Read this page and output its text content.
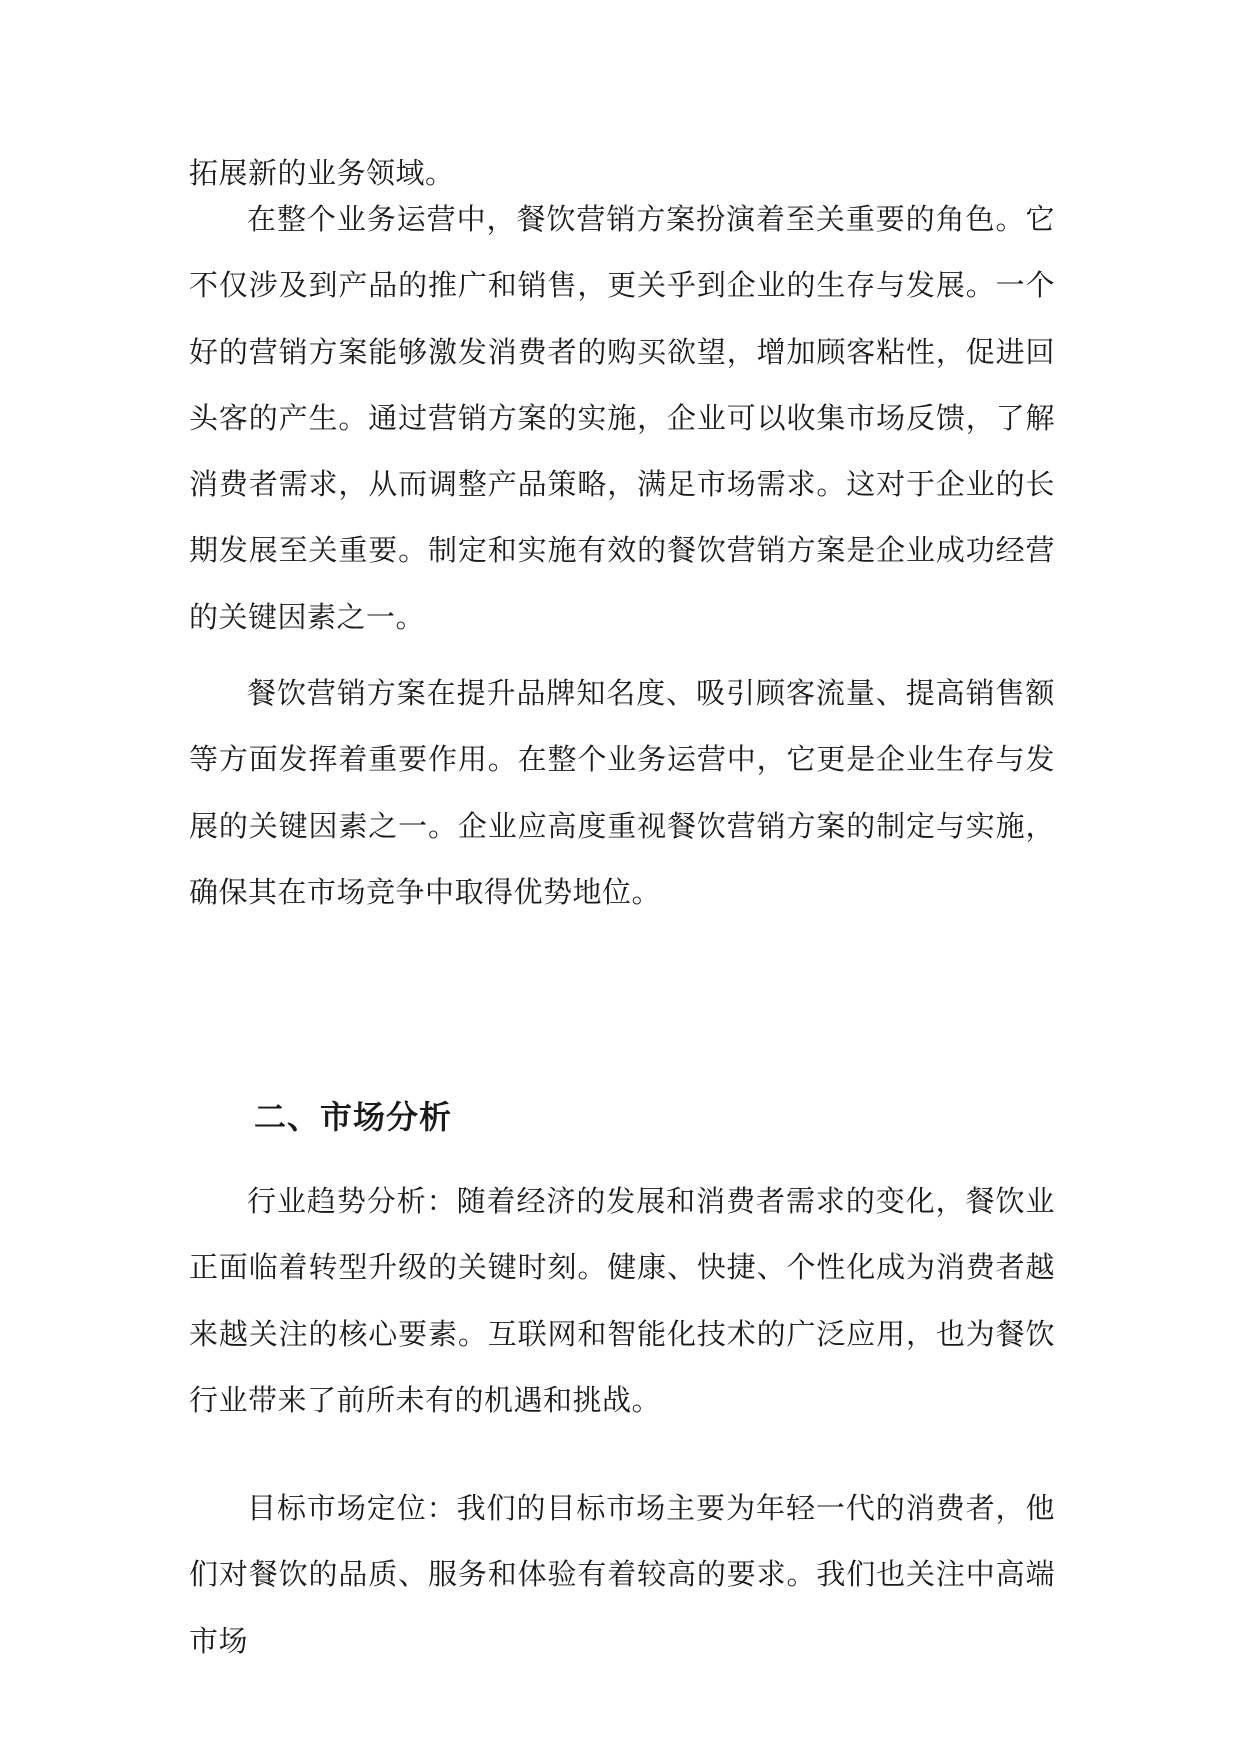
拓展新的业务领域。

在整个业务运营中，餐饮营销方案扮演着至关重要的角色。它不仅涉及到产品的推广和销售，更关乎到企业的生存与发展。一个好的营销方案能够激发消费者的购买欲望，增加顾客粘性，促进回头客的产生。通过营销方案的实施，企业可以收集市场反馈，了解消费者需求，从而调整产品策略，满足市场需求。这对于企业的长期发展至关重要。制定和实施有效的餐饮营销方案是企业成功经营的关键因素之一。

餐饮营销方案在提升品牌知名度、吸引顾客流量、提高销售额等方面发挥着重要作用。在整个业务运营中，它更是企业生存与发展的关键因素之一。企业应高度重视餐饮营销方案的制定与实施，确保其在市场竞争中取得优势地位。

二、市场分析

行业趋势分析：随着经济的发展和消费者需求的变化，餐饮业正面临着转型升级的关键时刻。健康、快捷、个性化成为消费者越来越关注的核心要素。互联网和智能化技术的广泛应用，也为餐饮行业带来了前所未有的机遇和挑战。

目标市场定位：我们的目标市场主要为年轻一代的消费者，他们对餐饮的品质、服务和体验有着较高的要求。我们也关注中高端市场
